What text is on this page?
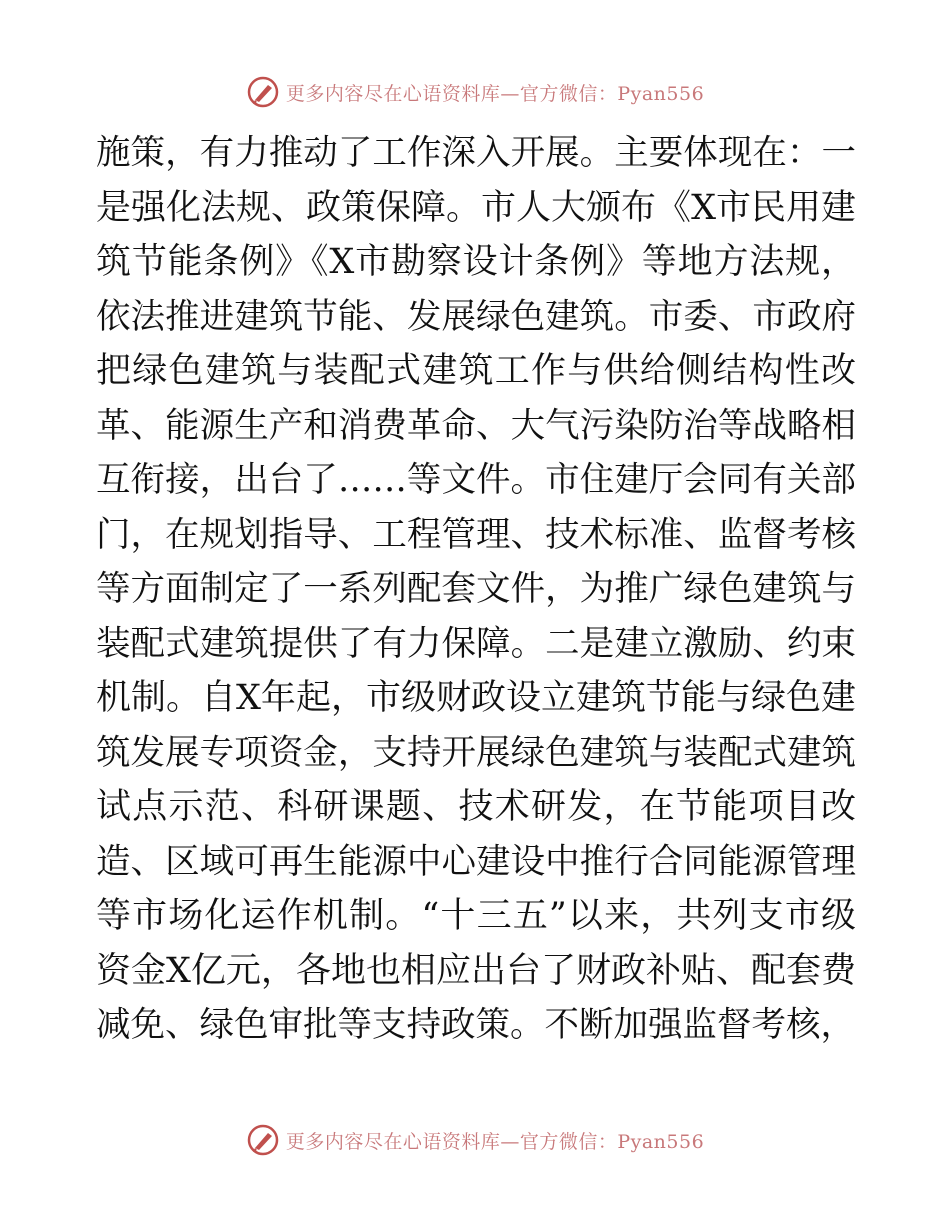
更多内容尽在心语资料库—官方微信：Pyan556
施策，有力推动了工作深入开展。主要体现在：一
是强化法规、政策保障。市人大颁布《X市民用建
筑节能条例》《X市勘察设计条例》等地方法规，
依法推进建筑节能、发展绿色建筑。市委、市政府
把绿色建筑与装配式建筑工作与供给侧结构性改
革、能源生产和消费革命、大气污染防治等战略相
互衔接，出台了……等文件。市住建厅会同有关部
门，在规划指导、工程管理、技术标准、监督考核
等方面制定了一系列配套文件，为推广绿色建筑与
装配式建筑提供了有力保障。二是建立激励、约束
机制。自X年起，市级财政设立建筑节能与绿色建
筑发展专项资金，支持开展绿色建筑与装配式建筑
试点示范、科研课题、技术研发，在节能项目改
造、区域可再生能源中心建设中推行合同能源管理
等市场化运作机制。“十三五”以来，共列支市级
资金X亿元，各地也相应出台了财政补贴、配套费
减免、绿色审批等支持政策。不断加强监督考核，
更多内容尽在心语资料库—官方微信：Pyan556
